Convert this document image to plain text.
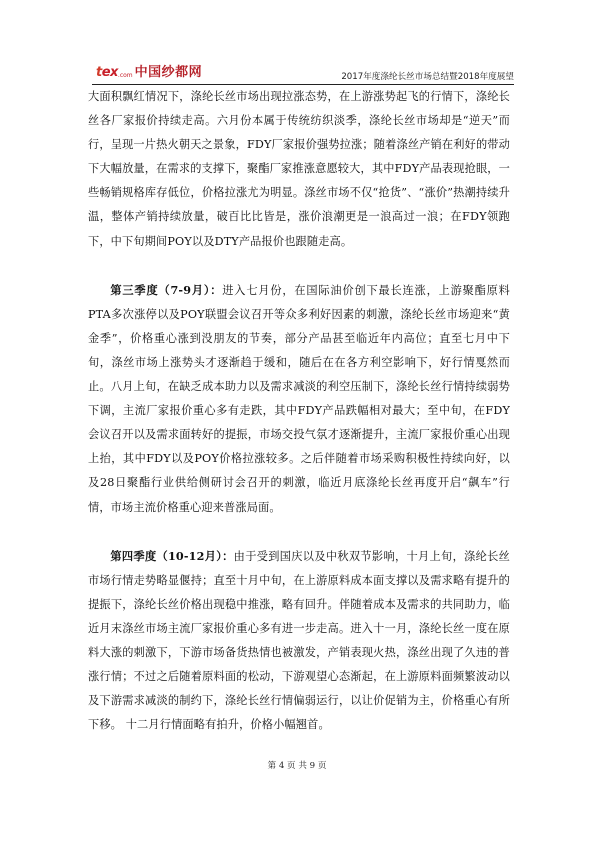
tex .com 中国纱都网	2017年度涤纶长丝市场总结暨2018年度展望

大面积飘红情况下，涤纶长丝市场出现拉涨态势，在上游涨势起飞的行情下，涤纶长丝各厂家报价持续走高。六月份本属于传统纺织淡季，涤纶长丝市场却是“逆天”而行，呈现一片热火朝天之景象，FDY厂家报价强势拉涨；随着涤丝产销在利好的带动下大幅放量，在需求的支撑下，聚酯厂家推涨意愿较大，其中FDY产品表现抢眼，一些畅销规格库存低位，价格拉涨尤为明显。涤丝市场不仅“抢货”、“涨价”热潮持续升温，整体产销持续放量，破百比比皆是，涨价浪潮更是一浪高过一浪；在FDY领跑下，中下旬期间POY以及DTY产品报价也跟随走高。

第三季度（7-9月）：进入七月份，在国际油价创下最长连涨，上游聚酯原料PTA多次涨停以及POY联盟会议召开等众多利好因素的刺激，涤纶长丝市场迎来“黄金季”，价格重心涨到没朋友的节奏，部分产品甚至临近年内高位；直至七月中下旬，涤丝市场上涨势头才逐渐趋于缓和，随后在在各方利空影响下，好行情戛然而止。八月上旬，在缺乏成本助力以及需求减淡的利空压制下，涤纶长丝行情持续弱势下调，主流厂家报价重心多有走跌，其中FDY产品跌幅相对最大；至中旬，在FDY会议召开以及需求面转好的提振，市场交投气氛才逐渐提升，主流厂家报价重心出现上抬，其中FDY以及POY价格拉涨较多。之后伴随着市场采购积极性持续向好，以及28日聚酯行业供给侧研讨会召开的刺激，临近月底涤纶长丝再度开启“飙车”行情，市场主流价格重心迎来普涨局面。

第四季度（10-12月）：由于受到国庆以及中秋双节影响，十月上旬，涤纶长丝市场行情走势略显偃持；直至十月中旬，在上游原料成本面支撑以及需求略有提升的提振下，涤纶长丝价格出现稳中推涨，略有回升。伴随着成本及需求的共同助力，临近月末涤丝市场主流厂家报价重心多有进一步走高。进入十一月，涤纶长丝一度在原料大涨的刺激下，下游市场备货热情也被激发，产销表现火热，涤丝出现了久违的普涨行情；不过之后随着原料面的松动，下游观望心态渐起，在上游原料面频繁波动以及下游需求减淡的制约下，涤纶长丝行情偏弱运行，以让价促销为主，价格重心有所下移。 十二月行情面略有拍升，价格小幅翘首。

第 4 页 共 9 页
